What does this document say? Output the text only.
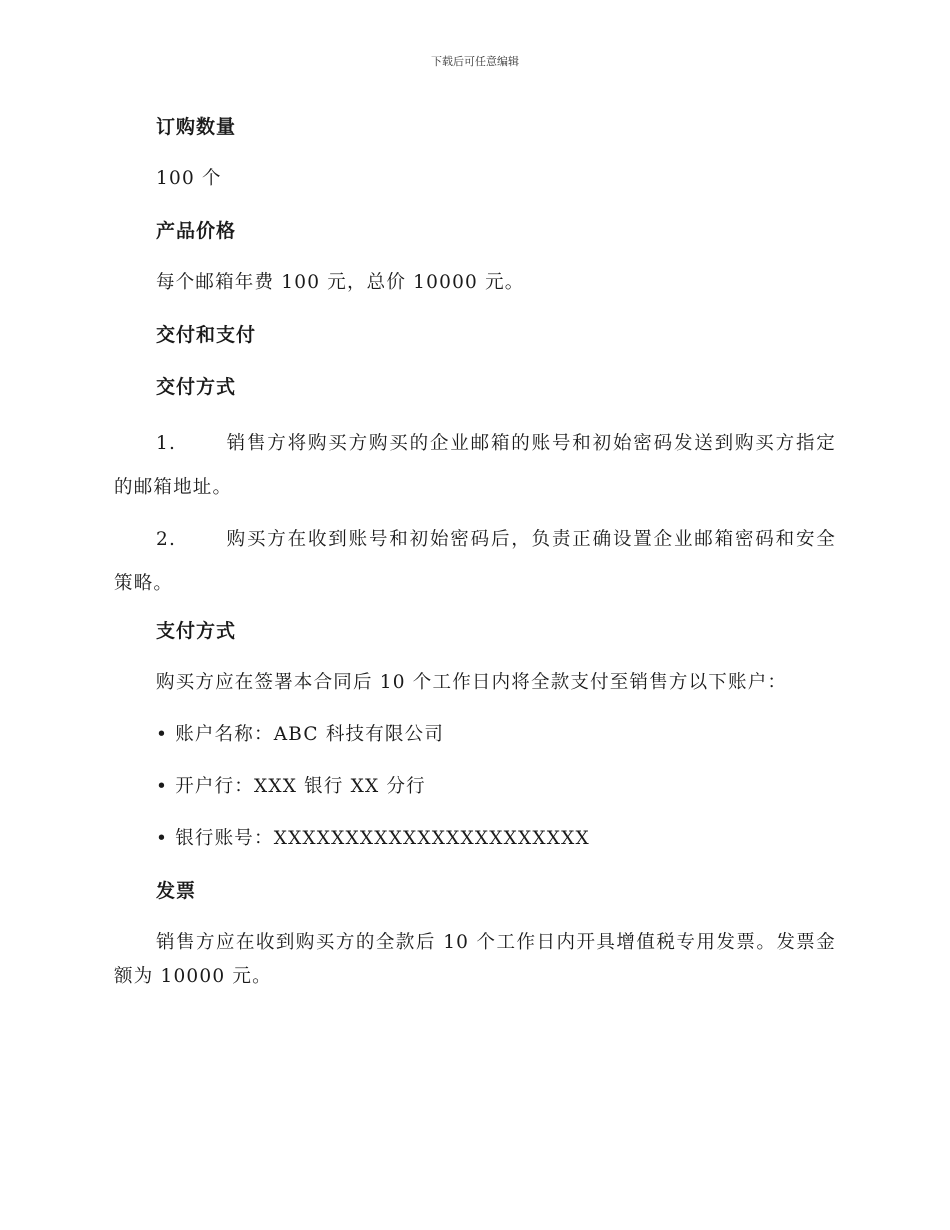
下载后可任意编辑
订购数量
100 个
产品价格
每个邮箱年费 100 元，总价 10000 元。
交付和支付
交付方式
1.	销售方将购买方购买的企业邮箱的账号和初始密码发送到购买方指定的邮箱地址。
2.	购买方在收到账号和初始密码后，负责正确设置企业邮箱密码和安全策略。
支付方式
购买方应在签署本合同后 10 个工作日内将全款支付至销售方以下账户：
• 账户名称：ABC 科技有限公司
• 开户行：XXX 银行 XX 分行
• 银行账号：XXXXXXXXXXXXXXXXXXXXXX
发票
销售方应在收到购买方的全款后 10 个工作日内开具增值税专用发票。发票金额为 10000 元。
